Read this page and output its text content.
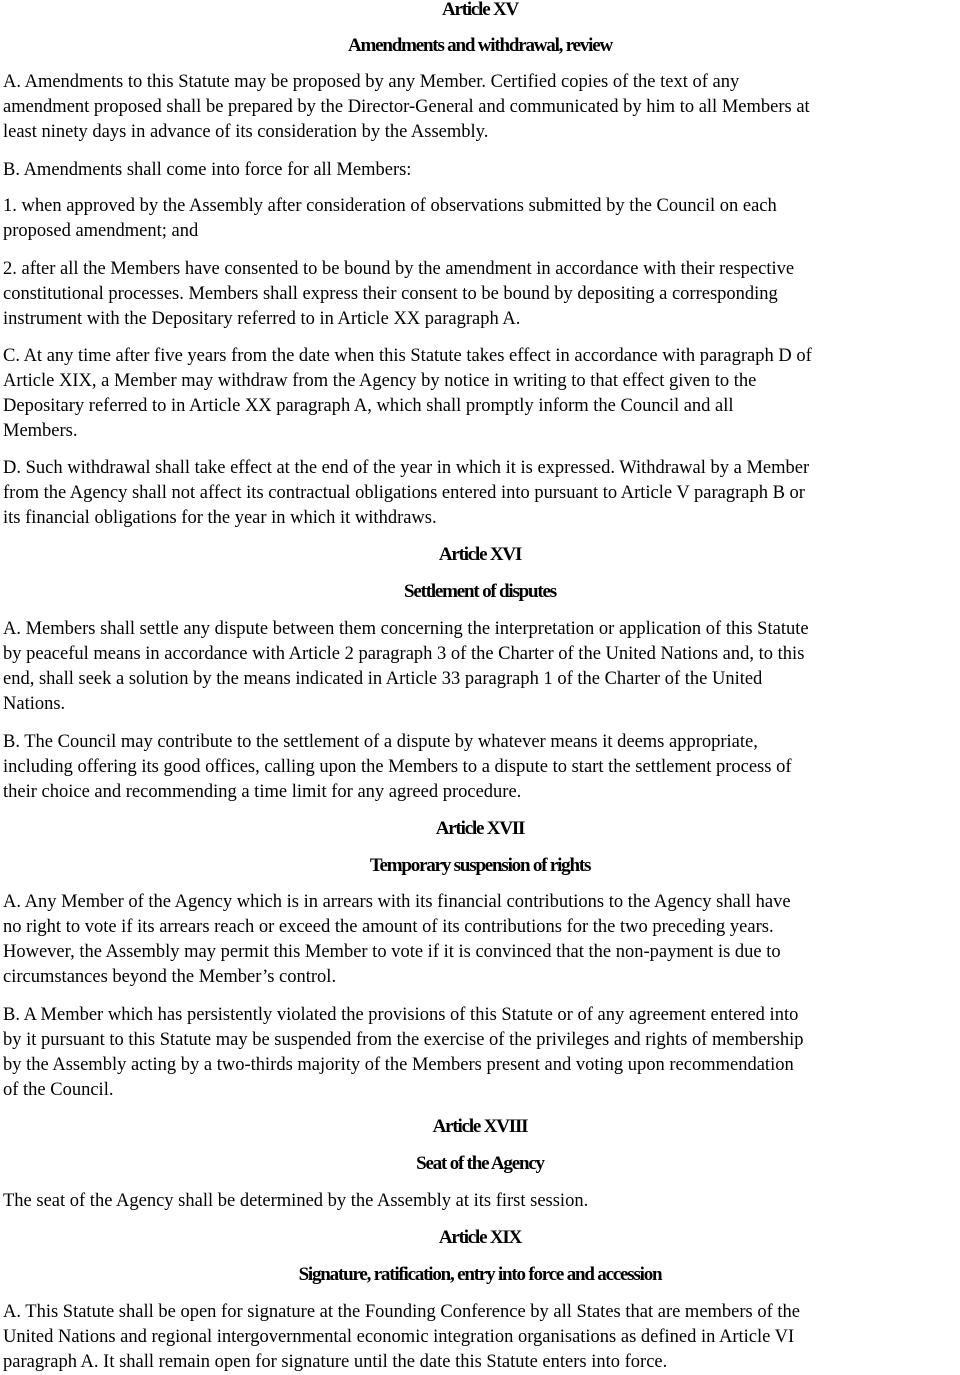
Article XV
Amendments and withdrawal, review

A. Amendments to this Statute may be proposed by any Member. Certified copies of the text of any

amendment proposed shall be prepared by the Director-General and communicated by him to all Members at

least ninety days in advance of its consideration by the Assembly.

B. Amendments shall come into force for all Members:

1. when approved by the Assembly after consideration of observations submitted by the Council on each

proposed amendment; and

2. after all the Members have consented to be bound by the amendment in accordance with their respective

constitutional processes. Members shall express their consent to be bound by depositing a corresponding

instrument with the Depositary referred to in Article XX paragraph A.

C. At any time after five years from the date when this Statute takes effect in accordance with paragraph D of

Article XIX, a Member may withdraw from the Agency by notice in writing to that effect given to the

Depositary referred to in Article XX paragraph A, which shall promptly inform the Council and all

Members.

D. Such withdrawal shall take effect at the end of the year in which it is expressed. Withdrawal by a Member

from the Agency shall not affect its contractual obligations entered into pursuant to Article V paragraph B or

its financial obligations for the year in which it withdraws.

Article XVI
Settlement of disputes

A. Members shall settle any dispute between them concerning the interpretation or application of this Statute

by peaceful means in accordance with Article 2 paragraph 3 of the Charter of the United Nations and, to this

end, shall seek a solution by the means indicated in Article 33 paragraph 1 of the Charter of the United

Nations.

B. The Council may contribute to the settlement of a dispute by whatever means it deems appropriate,

including offering its good offices, calling upon the Members to a dispute to start the settlement process of

their choice and recommending a time limit for any agreed procedure.

Article XVII
Temporary suspension of rights

A. Any Member of the Agency which is in arrears with its financial contributions to the Agency shall have

no right to vote if its arrears reach or exceed the amount of its contributions for the two preceding years.

However, the Assembly may permit this Member to vote if it is convinced that the non-payment is due to

circumstances beyond the Member’s control.

B. A Member which has persistently violated the provisions of this Statute or of any agreement entered into

by it pursuant to this Statute may be suspended from the exercise of the privileges and rights of membership

by the Assembly acting by a two-thirds majority of the Members present and voting upon recommendation

of the Council.

Article XVIII
Seat of the Agency

The seat of the Agency shall be determined by the Assembly at its first session.

Article XIX
Signature, ratification, entry into force and accession

A. This Statute shall be open for signature at the Founding Conference by all States that are members of the

United Nations and regional intergovernmental economic integration organisations as defined in Article VI

paragraph A. It shall remain open for signature until the date this Statute enters into force.
